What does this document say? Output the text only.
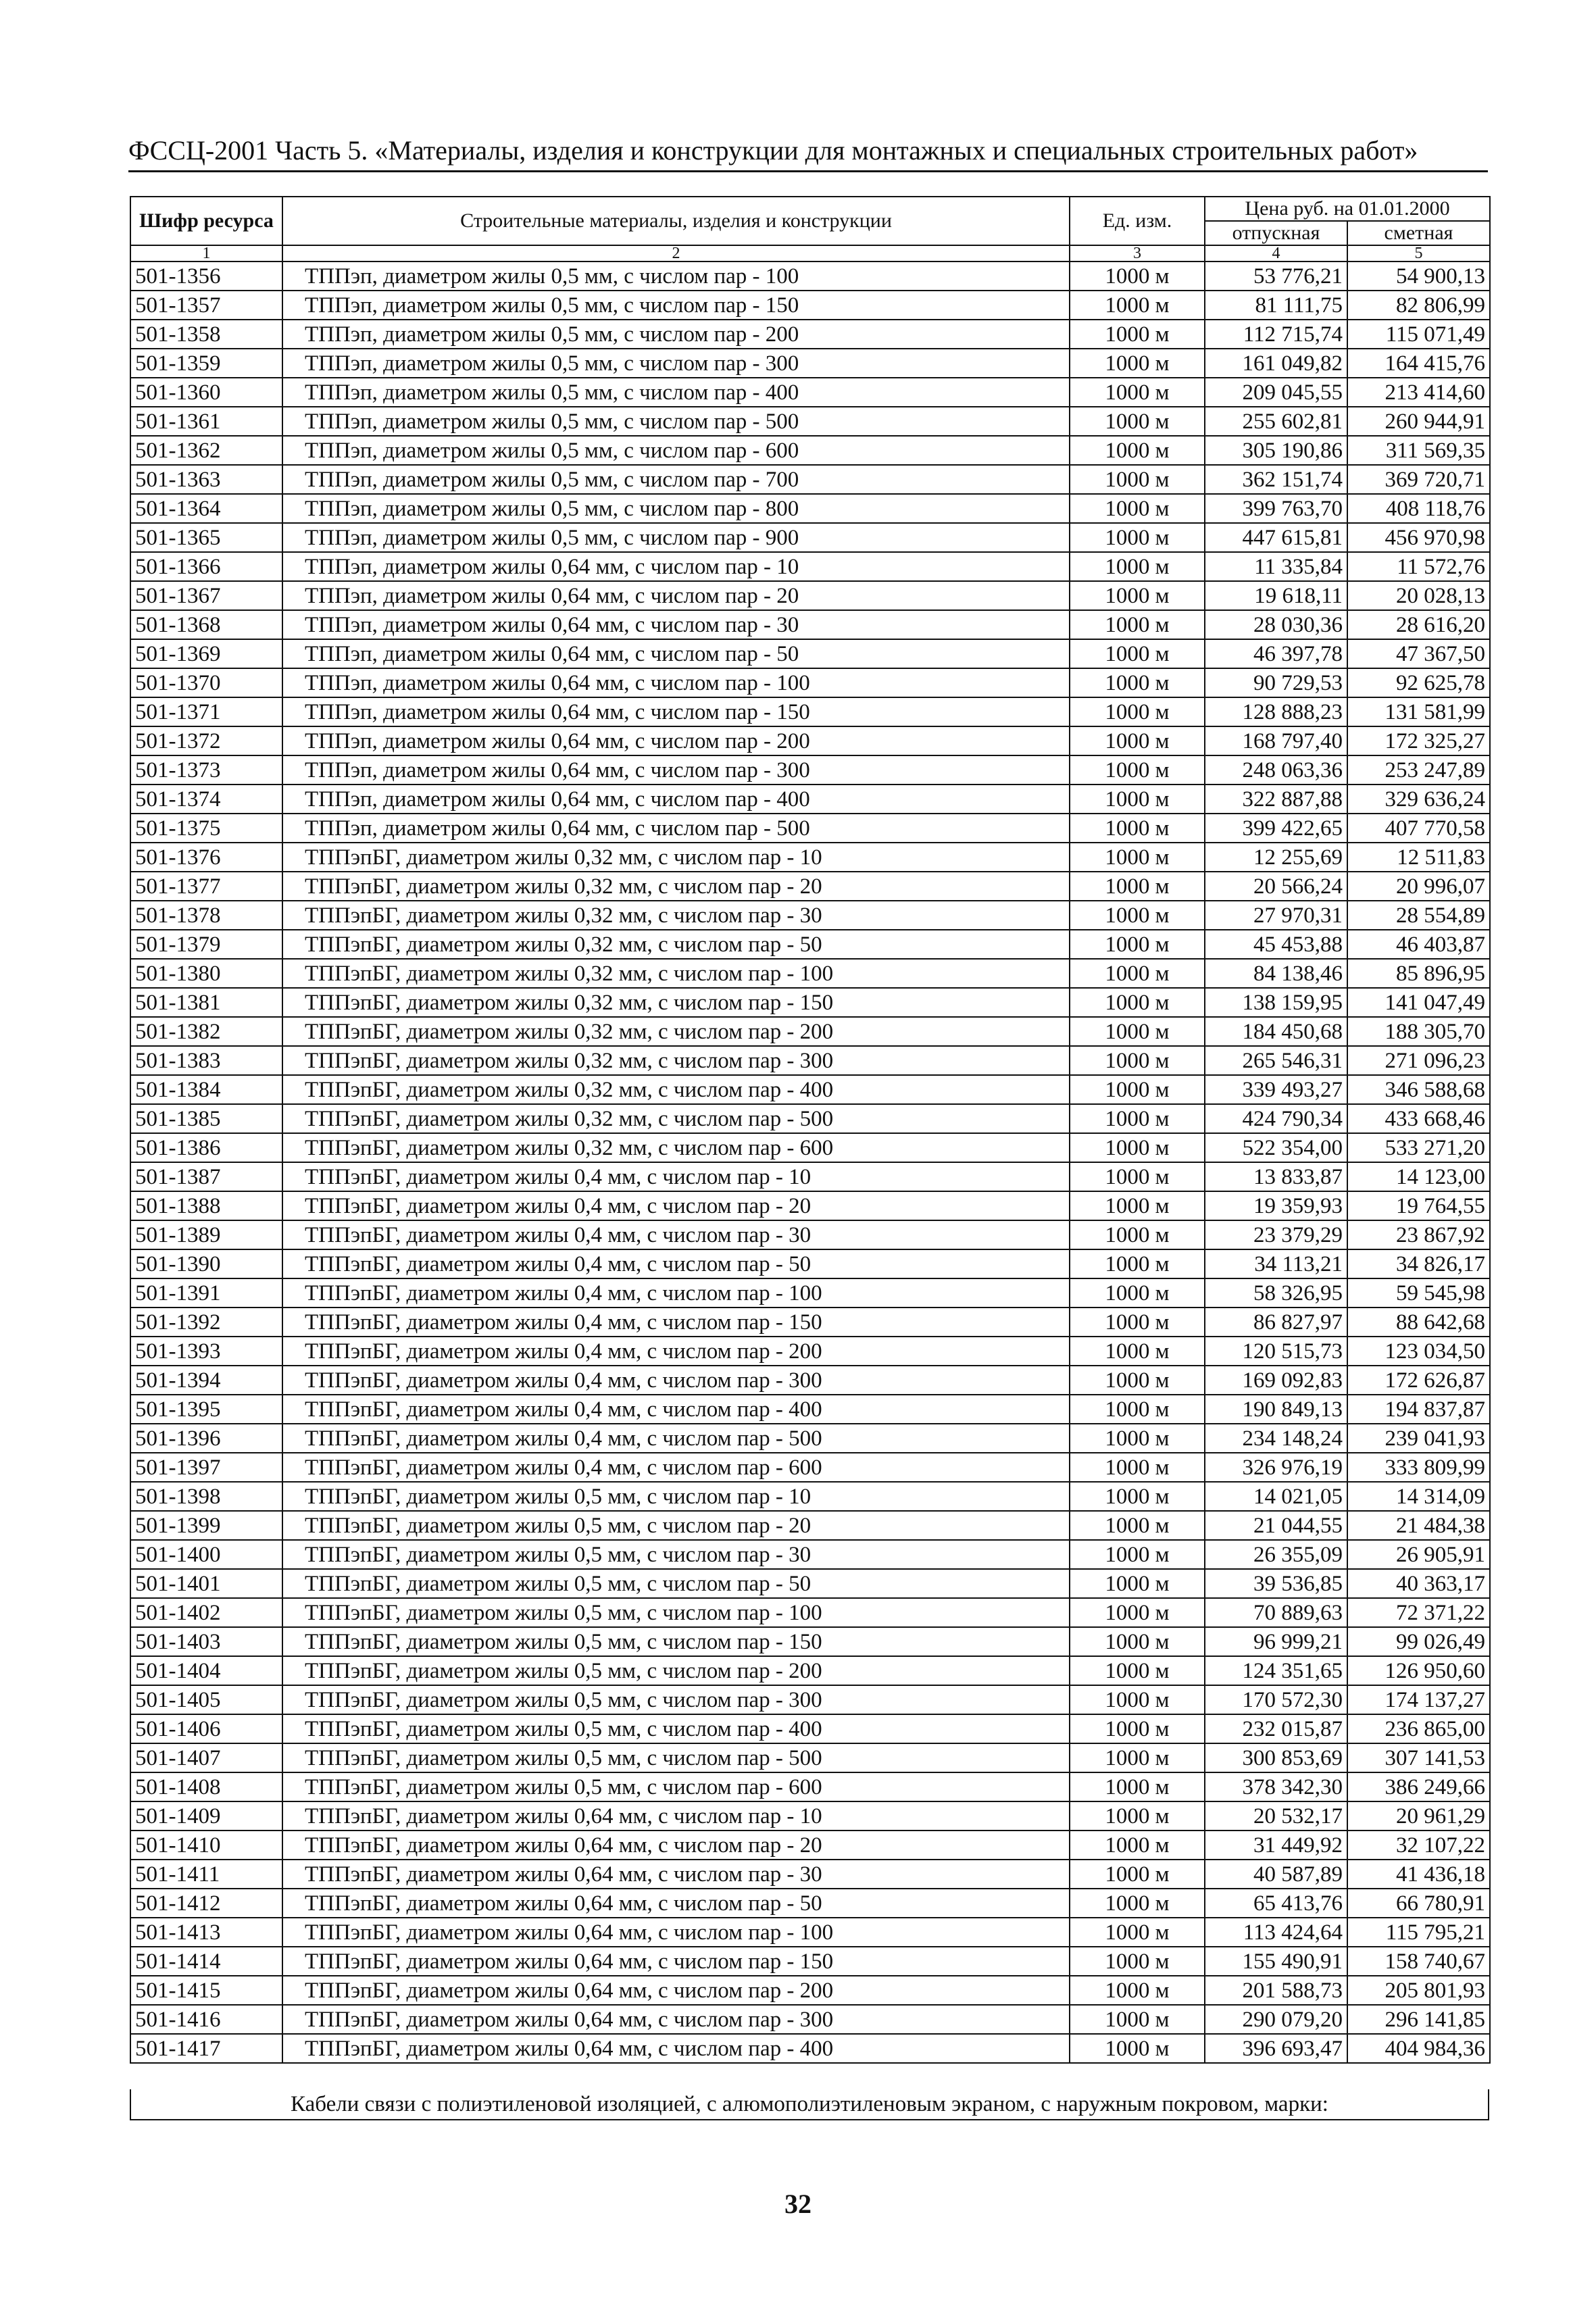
ФССЦ-2001 Часть 5. «Материалы, изделия и конструкции для монтажных и специальных строительных работ»
Шифр ресурса	Строительные материалы, изделия и конструкции	Ед. изм.	Цена руб. на 01.01.2000	
			отпускная	сметная
1	2	3	4	5
501-1356	ТППэп, диаметром жилы 0,5 мм, с числом пар - 100	1000 м	53 776,21	54 900,13
501-1357	ТППэп, диаметром жилы 0,5 мм, с числом пар - 150	1000 м	81 111,75	82 806,99
501-1358	ТППэп, диаметром жилы 0,5 мм, с числом пар - 200	1000 м	112 715,74	115 071,49
501-1359	ТППэп, диаметром жилы 0,5 мм, с числом пар - 300	1000 м	161 049,82	164 415,76
501-1360	ТППэп, диаметром жилы 0,5 мм, с числом пар - 400	1000 м	209 045,55	213 414,60
501-1361	ТППэп, диаметром жилы 0,5 мм, с числом пар - 500	1000 м	255 602,81	260 944,91
501-1362	ТППэп, диаметром жилы 0,5 мм, с числом пар - 600	1000 м	305 190,86	311 569,35
501-1363	ТППэп, диаметром жилы 0,5 мм, с числом пар - 700	1000 м	362 151,74	369 720,71
501-1364	ТППэп, диаметром жилы 0,5 мм, с числом пар - 800	1000 м	399 763,70	408 118,76
501-1365	ТППэп, диаметром жилы 0,5 мм, с числом пар - 900	1000 м	447 615,81	456 970,98
501-1366	ТППэп, диаметром жилы 0,64 мм, с числом пар - 10	1000 м	11 335,84	11 572,76
501-1367	ТППэп, диаметром жилы 0,64 мм, с числом пар - 20	1000 м	19 618,11	20 028,13
501-1368	ТППэп, диаметром жилы 0,64 мм, с числом пар - 30	1000 м	28 030,36	28 616,20
501-1369	ТППэп, диаметром жилы 0,64 мм, с числом пар - 50	1000 м	46 397,78	47 367,50
501-1370	ТППэп, диаметром жилы 0,64 мм, с числом пар - 100	1000 м	90 729,53	92 625,78
501-1371	ТППэп, диаметром жилы 0,64 мм, с числом пар - 150	1000 м	128 888,23	131 581,99
501-1372	ТППэп, диаметром жилы 0,64 мм, с числом пар - 200	1000 м	168 797,40	172 325,27
501-1373	ТППэп, диаметром жилы 0,64 мм, с числом пар - 300	1000 м	248 063,36	253 247,89
501-1374	ТППэп, диаметром жилы 0,64 мм, с числом пар - 400	1000 м	322 887,88	329 636,24
501-1375	ТППэп, диаметром жилы 0,64 мм, с числом пар - 500	1000 м	399 422,65	407 770,58
501-1376	ТППэпБГ, диаметром жилы 0,32 мм, с числом пар - 10	1000 м	12 255,69	12 511,83
501-1377	ТППэпБГ, диаметром жилы 0,32 мм, с числом пар - 20	1000 м	20 566,24	20 996,07
501-1378	ТППэпБГ, диаметром жилы 0,32 мм, с числом пар - 30	1000 м	27 970,31	28 554,89
501-1379	ТППэпБГ, диаметром жилы 0,32 мм, с числом пар - 50	1000 м	45 453,88	46 403,87
501-1380	ТППэпБГ, диаметром жилы 0,32 мм, с числом пар - 100	1000 м	84 138,46	85 896,95
501-1381	ТППэпБГ, диаметром жилы 0,32 мм, с числом пар - 150	1000 м	138 159,95	141 047,49
501-1382	ТППэпБГ, диаметром жилы 0,32 мм, с числом пар - 200	1000 м	184 450,68	188 305,70
501-1383	ТППэпБГ, диаметром жилы 0,32 мм, с числом пар - 300	1000 м	265 546,31	271 096,23
501-1384	ТППэпБГ, диаметром жилы 0,32 мм, с числом пар - 400	1000 м	339 493,27	346 588,68
501-1385	ТППэпБГ, диаметром жилы 0,32 мм, с числом пар - 500	1000 м	424 790,34	433 668,46
501-1386	ТППэпБГ, диаметром жилы 0,32 мм, с числом пар - 600	1000 м	522 354,00	533 271,20
501-1387	ТППэпБГ, диаметром жилы 0,4 мм, с числом пар - 10	1000 м	13 833,87	14 123,00
501-1388	ТППэпБГ, диаметром жилы 0,4 мм, с числом пар - 20	1000 м	19 359,93	19 764,55
501-1389	ТППэпБГ, диаметром жилы 0,4 мм, с числом пар - 30	1000 м	23 379,29	23 867,92
501-1390	ТППэпБГ, диаметром жилы 0,4 мм, с числом пар - 50	1000 м	34 113,21	34 826,17
501-1391	ТППэпБГ, диаметром жилы 0,4 мм, с числом пар - 100	1000 м	58 326,95	59 545,98
501-1392	ТППэпБГ, диаметром жилы 0,4 мм, с числом пар - 150	1000 м	86 827,97	88 642,68
501-1393	ТППэпБГ, диаметром жилы 0,4 мм, с числом пар - 200	1000 м	120 515,73	123 034,50
501-1394	ТППэпБГ, диаметром жилы 0,4 мм, с числом пар - 300	1000 м	169 092,83	172 626,87
501-1395	ТППэпБГ, диаметром жилы 0,4 мм, с числом пар - 400	1000 м	190 849,13	194 837,87
501-1396	ТППэпБГ, диаметром жилы 0,4 мм, с числом пар - 500	1000 м	234 148,24	239 041,93
501-1397	ТППэпБГ, диаметром жилы 0,4 мм, с числом пар - 600	1000 м	326 976,19	333 809,99
501-1398	ТППэпБГ, диаметром жилы 0,5 мм, с числом пар - 10	1000 м	14 021,05	14 314,09
501-1399	ТППэпБГ, диаметром жилы 0,5 мм, с числом пар - 20	1000 м	21 044,55	21 484,38
501-1400	ТППэпБГ, диаметром жилы 0,5 мм, с числом пар - 30	1000 м	26 355,09	26 905,91
501-1401	ТППэпБГ, диаметром жилы 0,5 мм, с числом пар - 50	1000 м	39 536,85	40 363,17
501-1402	ТППэпБГ, диаметром жилы 0,5 мм, с числом пар - 100	1000 м	70 889,63	72 371,22
501-1403	ТППэпБГ, диаметром жилы 0,5 мм, с числом пар - 150	1000 м	96 999,21	99 026,49
501-1404	ТППэпБГ, диаметром жилы 0,5 мм, с числом пар - 200	1000 м	124 351,65	126 950,60
501-1405	ТППэпБГ, диаметром жилы 0,5 мм, с числом пар - 300	1000 м	170 572,30	174 137,27
501-1406	ТППэпБГ, диаметром жилы 0,5 мм, с числом пар - 400	1000 м	232 015,87	236 865,00
501-1407	ТППэпБГ, диаметром жилы 0,5 мм, с числом пар - 500	1000 м	300 853,69	307 141,53
501-1408	ТППэпБГ, диаметром жилы 0,5 мм, с числом пар - 600	1000 м	378 342,30	386 249,66
501-1409	ТППэпБГ, диаметром жилы 0,64 мм, с числом пар - 10	1000 м	20 532,17	20 961,29
501-1410	ТППэпБГ, диаметром жилы 0,64 мм, с числом пар - 20	1000 м	31 449,92	32 107,22
501-1411	ТППэпБГ, диаметром жилы 0,64 мм, с числом пар - 30	1000 м	40 587,89	41 436,18
501-1412	ТППэпБГ, диаметром жилы 0,64 мм, с числом пар - 50	1000 м	65 413,76	66 780,91
501-1413	ТППэпБГ, диаметром жилы 0,64 мм, с числом пар - 100	1000 м	113 424,64	115 795,21
501-1414	ТППэпБГ, диаметром жилы 0,64 мм, с числом пар - 150	1000 м	155 490,91	158 740,67
501-1415	ТППэпБГ, диаметром жилы 0,64 мм, с числом пар - 200	1000 м	201 588,73	205 801,93
501-1416	ТППэпБГ, диаметром жилы 0,64 мм, с числом пар - 300	1000 м	290 079,20	296 141,85
501-1417	ТППэпБГ, диаметром жилы 0,64 мм, с числом пар - 400	1000 м	396 693,47	404 984,36
Кабели связи с полиэтиленовой изоляцией, с алюмополиэтиленовым экраном, с наружным покровом, марки:
32
